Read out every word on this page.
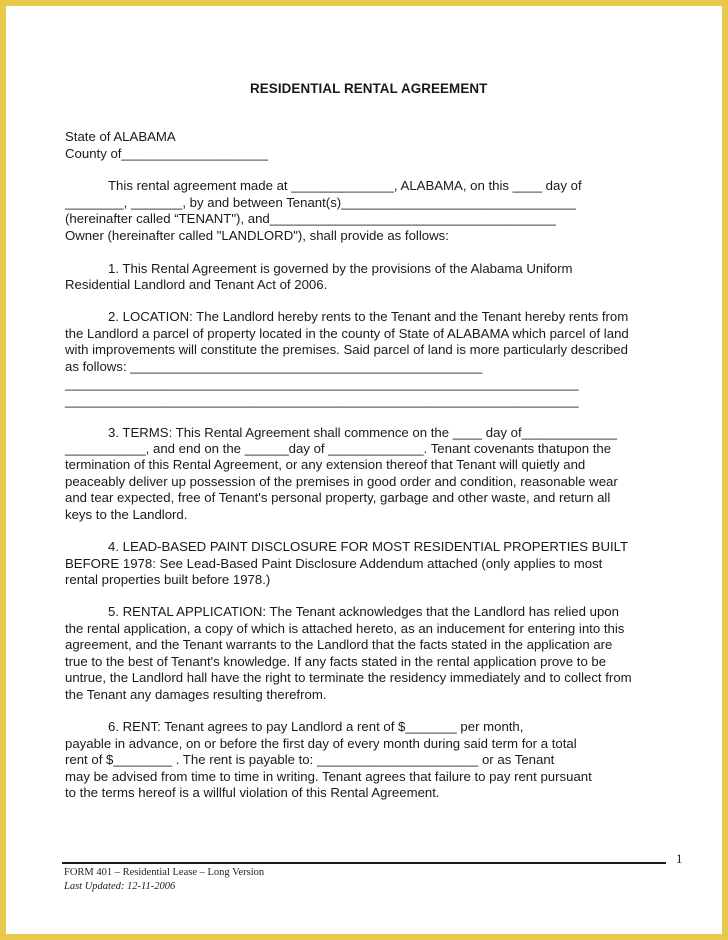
RESIDENTIAL RENTAL AGREEMENT
State of ALABAMA
County of____________________
This rental agreement made at ______________, ALABAMA, on this ____ day of
________, _______, by and between Tenant(s)________________________________
(hereinafter called “TENANT"), and_______________________________________
Owner (hereinafter called "LANDLORD"), shall provide as follows:
1. This Rental Agreement is governed by the provisions of the Alabama Uniform
Residential Landlord and Tenant Act of 2006.
2. LOCATION: The Landlord hereby rents to the Tenant and the Tenant hereby rents from
the Landlord a parcel of property located in the county of State of ALABAMA which parcel of land
with improvements will constitute the premises. Said parcel of land is more particularly described
as follows: ________________________________________________
______________________________________________________________________
______________________________________________________________________
3. TERMS: This Rental Agreement shall commence on the ____ day of_____________
___________, and end on the ______day of _____________. Tenant covenants thatupon the
termination of this Rental Agreement, or any extension thereof that Tenant will quietly and
peaceably deliver up possession of the premises in good order and condition, reasonable wear
and tear expected, free of Tenant's personal property, garbage and other waste, and return all
keys to the Landlord.
4. LEAD-BASED PAINT DISCLOSURE FOR MOST RESIDENTIAL PROPERTIES BUILT
BEFORE 1978: See Lead-Based Paint Disclosure Addendum attached (only applies to most
rental properties built before 1978.)
5. RENTAL APPLICATION: The Tenant acknowledges that the Landlord has relied upon
the rental application, a copy of which is attached hereto, as an inducement for entering into this
agreement, and the Tenant warrants to the Landlord that the facts stated in the application are
true to the best of Tenant's knowledge. If any facts stated in the rental application prove to be
untrue, the Landlord hall have the right to terminate the residency immediately and to collect from
the Tenant any damages resulting therefrom.
6. RENT: Tenant agrees to pay Landlord a rent of $_______ per month,
payable in advance, on or before the first day of every month during said term for a total
rent of $________ . The rent is payable to: ______________________ or as Tenant
may be advised from time to time in writing. Tenant agrees that failure to pay rent pursuant
to the terms hereof is a willful violation of this Rental Agreement.
1
FORM 401 – Residential Lease – Long Version
Last Updated: 12-11-2006
